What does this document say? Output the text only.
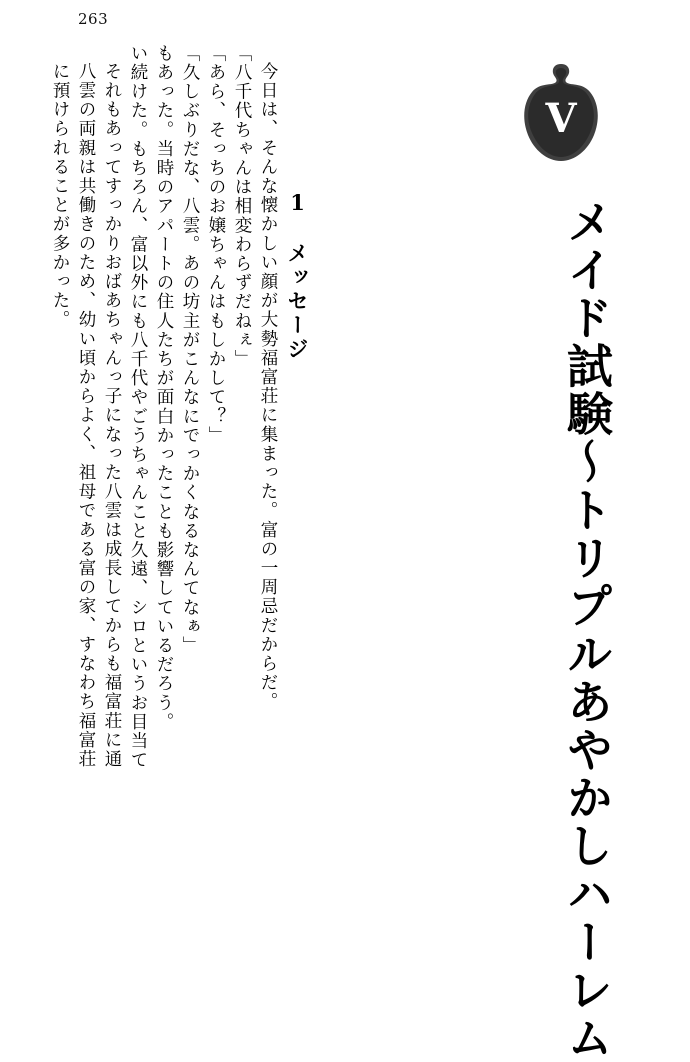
263
V
メイド試験～トリプルあやかしハーレム
1　メッセージ
に預けられることが多かった。 八雲の両親は共働きのため、幼い頃からよく、祖母である富の家、すなわち福富荘 それもあってすっかりおばあちゃんっ子になった八雲は成長してからも福富荘に通 い続けた。もちろん、富以外にも八千代やごうちゃんこと久遠、シロというお目当て もあった。当時のアパートの住人たちが面白かったことも影響しているだろう。 「久しぶりだな、八雲。あの坊主がこんなにでっかくなるなんてなぁ」 「あら、そっちのお嬢ちゃんはもしかして？」 「八千代ちゃんは相変わらずだねぇ」 今日は、そんな懐かしい顔が大勢福富荘に集まった。富の一周忌だからだ。
